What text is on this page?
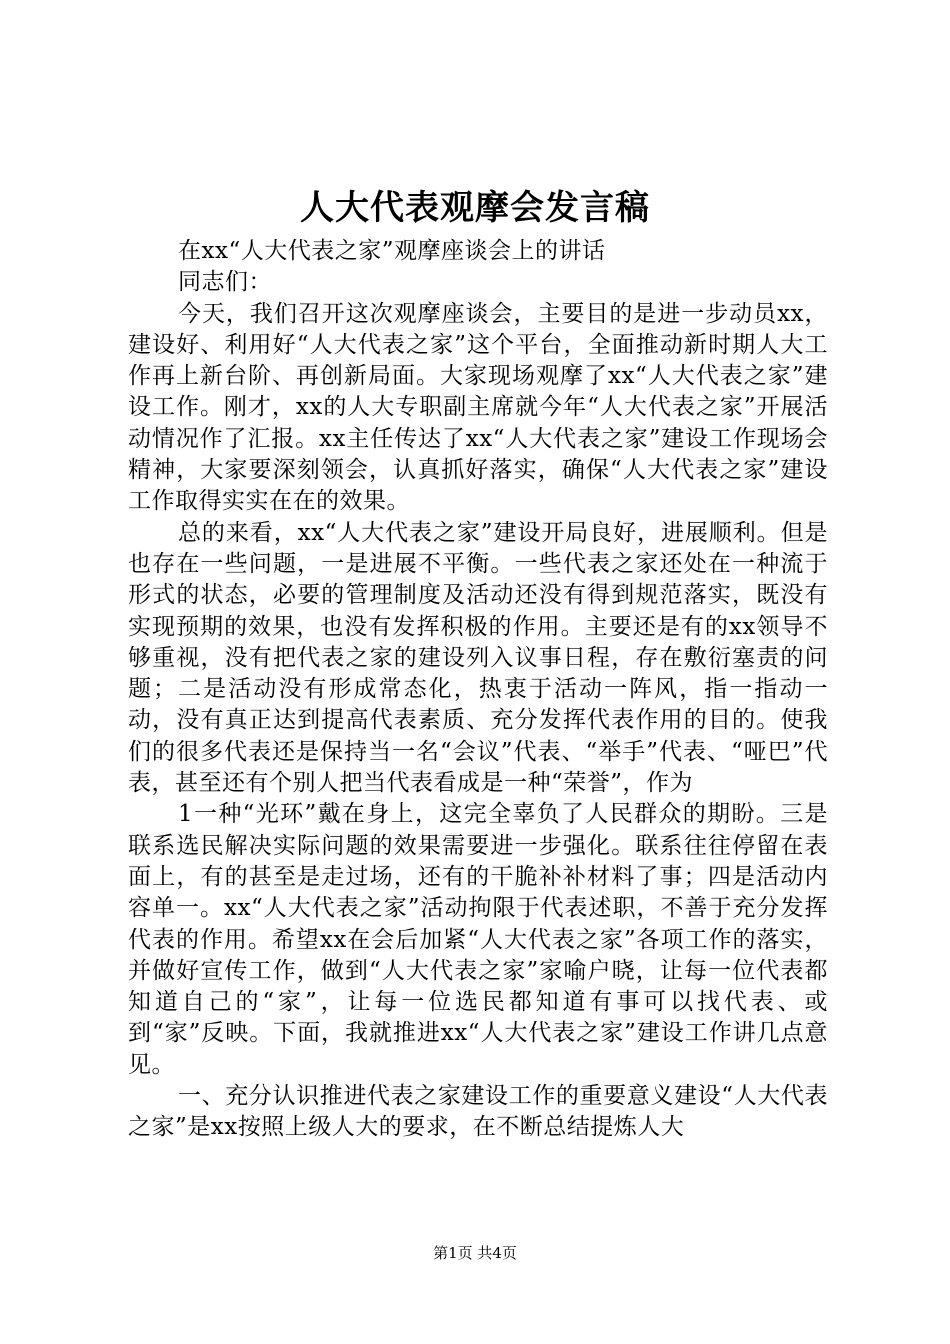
人大代表观摩会发言稿

在xx“人大代表之家”观摩座谈会上的讲话

同志们：

今天，我们召开这次观摩座谈会，主要目的是进一步动员xx，建设好、利用好“人大代表之家”这个平台，全面推动新时期人大工作再上新台阶、再创新局面。大家现场观摩了xx“人大代表之家”建设工作。刚才，xx的人大专职副主席就今年“人大代表之家”开展活动情况作了汇报。xx主任传达了xx“人大代表之家”建设工作现场会精神，大家要深刻领会，认真抓好落实，确保“人大代表之家”建设工作取得实实在在的效果。

总的来看，xx“人大代表之家”建设开局良好，进展顺利。但是也存在一些问题，一是进展不平衡。一些代表之家还处在一种流于形式的状态，必要的管理制度及活动还没有得到规范落实，既没有实现预期的效果，也没有发挥积极的作用。主要还是有的xx领导不够重视，没有把代表之家的建设列入议事日程，存在敷衍塞责的问题；二是活动没有形成常态化，热衷于活动一阵风，指一指动一动，没有真正达到提高代表素质、充分发挥代表作用的目的。使我们的很多代表还是保持当一名“会议”代表、“举手”代表、“哑巴”代表，甚至还有个别人把当代表看成是一种“荣誉”，作为

1一种“光环”戴在身上，这完全辜负了人民群众的期盼。三是联系选民解决实际问题的效果需要进一步强化。联系往往停留在表面上，有的甚至是走过场，还有的干脆补补材料了事；四是活动内容单一。xx“人大代表之家”活动拘限于代表述职，不善于充分发挥代表的作用。希望xx在会后加紧“人大代表之家”各项工作的落实，并做好宣传工作，做到“人大代表之家”家喻户晓，让每一位代表都知道自己的“家”，让每一位选民都知道有事可以找代表、或到“家”反映。下面，我就推进xx“人大代表之家”建设工作讲几点意见。

一、充分认识推进代表之家建设工作的重要意义建设“人大代表之家”是xx按照上级人大的要求，在不断总结提炼人大

第1页 共4页
